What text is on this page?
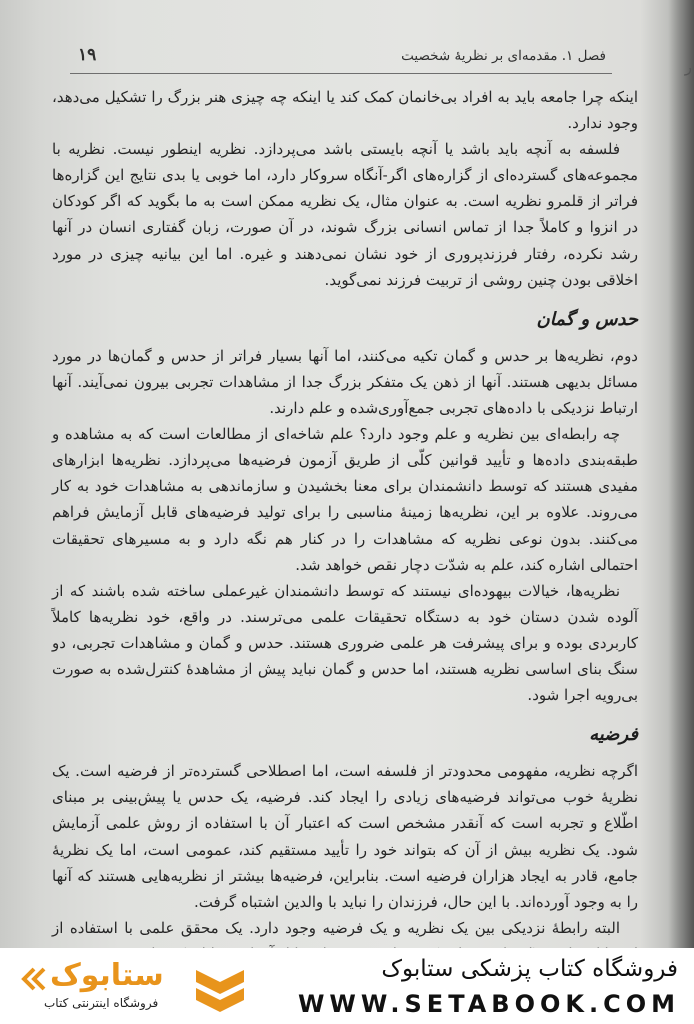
ر
فصل ۱. مقدمه‌ای بر نظریهٔ شخصیت
۱۹

اینکه چرا جامعه باید به افراد بی‌خانمان کمک کند یا اینکه چه چیزی هنر بزرگ را تشکیل می‌دهد، وجود ندارد.

فلسفه به آنچه باید باشد یا آنچه بایستی باشد می‌پردازد. نظریه اینطور نیست. نظریه با مجموعه‌های گسترده‌ای از گزاره‌های اگر-آنگاه سروکار دارد، اما خوبی یا بدی نتایج این گزاره‌ها فراتر از قلمرو نظریه است. به عنوان مثال، یک نظریه ممکن است به ما بگوید که اگر کودکان در انزوا و کاملاً جدا از تماس انسانی بزرگ شوند، در آن صورت، زبان گفتاری انسان در آنها رشد نکرده، رفتار فرزندپروری از خود نشان نمی‌دهند و غیره. اما این بیانیه چیزی در مورد اخلاقی بودن چنین روشی از تربیت فرزند نمی‌گوید.

حدس و گمان

دوم، نظریه‌ها بر حدس و گمان تکیه می‌کنند، اما آنها بسیار فراتر از حدس و گمان‌ها در مورد مسائل بدیهی هستند. آنها از ذهن یک متفکر بزرگ جدا از مشاهدات تجربی بیرون نمی‌آیند. آنها ارتباط نزدیکی با داده‌های تجربی جمع‌آوری‌شده و علم دارند.

چه رابطه‌ای بین نظریه و علم وجود دارد؟ علم شاخه‌ای از مطالعات است که به مشاهده و طبقه‌بندی داده‌ها و تأیید قوانین کلّی از طریق آزمون فرضیه‌ها می‌پردازد. نظریه‌ها ابزارهای مفیدی هستند که توسط دانشمندان برای معنا بخشیدن و سازماندهی به مشاهدات خود به کار می‌روند. علاوه بر این، نظریه‌ها زمینهٔ مناسبی را برای تولید فرضیه‌های قابل آزمایش فراهم می‌کنند. بدون نوعی نظریه که مشاهدات را در کنار هم نگه دارد و به مسیرهای تحقیقات احتمالی اشاره کند، علم به شدّت دچار نقص خواهد شد.

نظریه‌ها، خیالات بیهوده‌ای نیستند که توسط دانشمندان غیرعملی ساخته شده باشند که از آلوده شدن دستان خود به دستگاه تحقیقات علمی می‌ترسند. در واقع، خود نظریه‌ها کاملاً کاربردی بوده و برای پیشرفت هر علمی ضروری هستند. حدس و گمان و مشاهدات تجربی، دو سنگ بنای اساسی نظریه هستند، اما حدس و گمان نباید پیش از مشاهدهٔ کنترل‌شده به صورت بی‌رویه اجرا شود.

فرضیه

اگرچه نظریه، مفهومی محدودتر از فلسفه است، اما اصطلاحی گسترده‌تر از فرضیه است. یک نظریهٔ خوب می‌تواند فرضیه‌های زیادی را ایجاد کند. فرضیه، یک حدس یا پیش‌بینی بر مبنای اطّلاع و تجربه است که آنقدر مشخص است که اعتبار آن با استفاده از روش علمی آزمایش شود. یک نظریه بیش از آن که بتواند خود را تأیید مستقیم کند، عمومی است، اما یک نظریهٔ جامع، قادر به ایجاد هزاران فرضیه است. بنابراین، فرضیه‌ها بیشتر از نظریه‌هایی هستند که آنها را به وجود آورده‌اند. با این حال، فرزندان را نباید با والدین اشتباه گرفت.

البته رابطهٔ نزدیکی بین یک نظریه و یک فرضیه وجود دارد. یک محقق علمی با استفاده از

ستابوک
فروشگاه اینترنتی کتاب
فروشگاه کتاب پزشکی ستابوک
WWW.SETABOOK.COM
